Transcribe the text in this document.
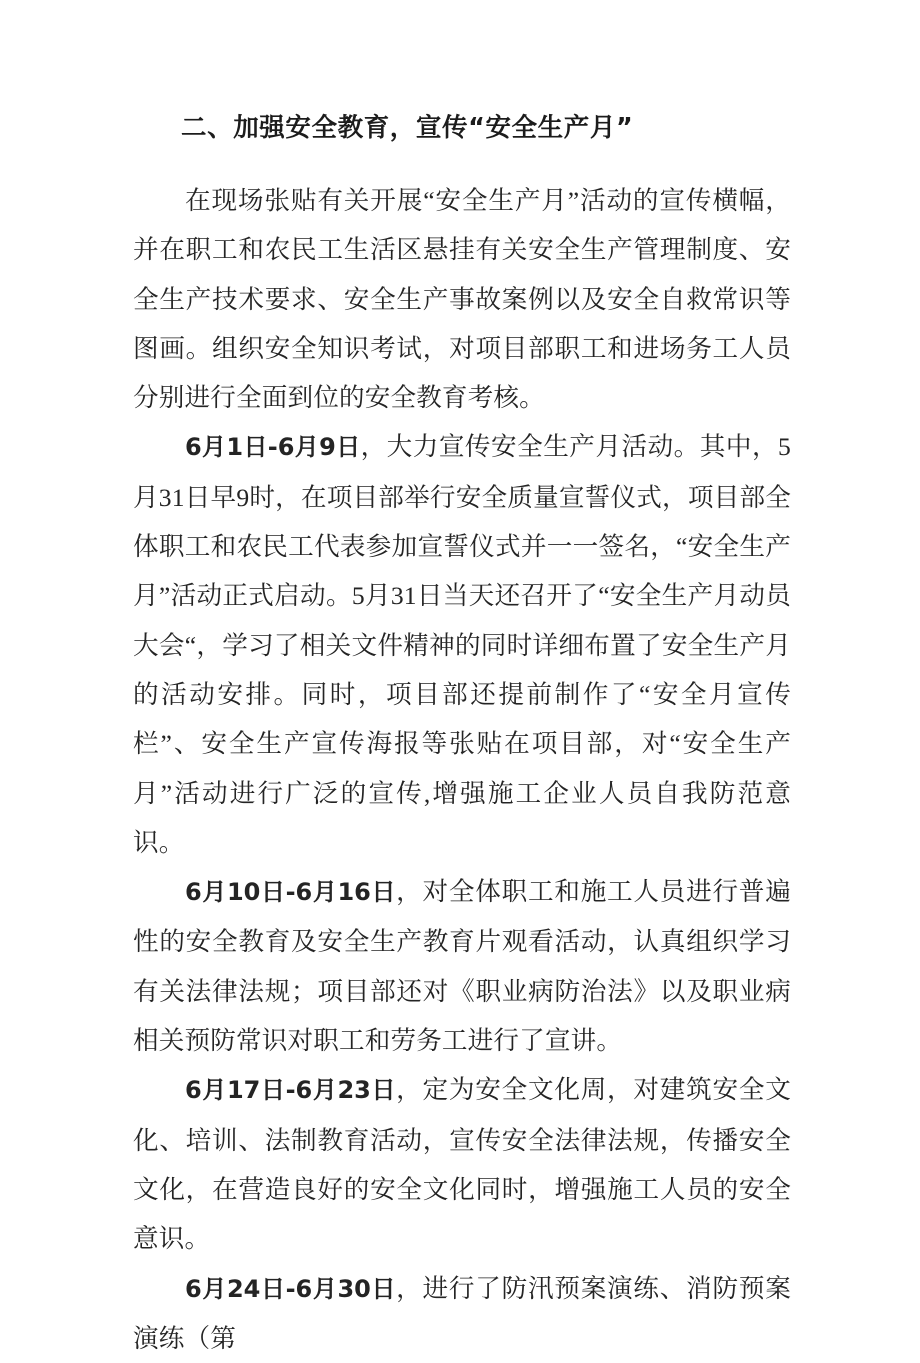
二、加强安全教育，宣传“安全生产月”

在现场张贴有关开展“安全生产月”活动的宣传横幅，并在职工和农民工生活区悬挂有关安全生产管理制度、安全生产技术要求、安全生产事故案例以及安全自救常识等图画。组织安全知识考试，对项目部职工和进场务工人员分别进行全面到位的安全教育考核。

6月1日-6月9日，大力宣传安全生产月活动。其中，5月31日早9时，在项目部举行安全质量宣誓仪式，项目部全体职工和农民工代表参加宣誓仪式并一一签名，“安全生产月”活动正式启动。5月31日当天还召开了“安全生产月动员大会“，学习了相关文件精神的同时详细布置了安全生产月的活动安排。同时，项目部还提前制作了“安全月宣传栏”、安全生产宣传海报等张贴在项目部，对“安全生产月”活动进行广泛的宣传,增强施工企业人员自我防范意识。

6月10日-6月16日，对全体职工和施工人员进行普遍性的安全教育及安全生产教育片观看活动，认真组织学习有关法律法规；项目部还对《职业病防治法》以及职业病相关预防常识对职工和劳务工进行了宣讲。

6月17日-6月23日，定为安全文化周，对建筑安全文化、培训、法制教育活动，宣传安全法律法规，传播安全文化，在营造良好的安全文化同时，增强施工人员的安全意识。

6月24日-6月30日，进行了防汛预案演练、消防预案演练（第
